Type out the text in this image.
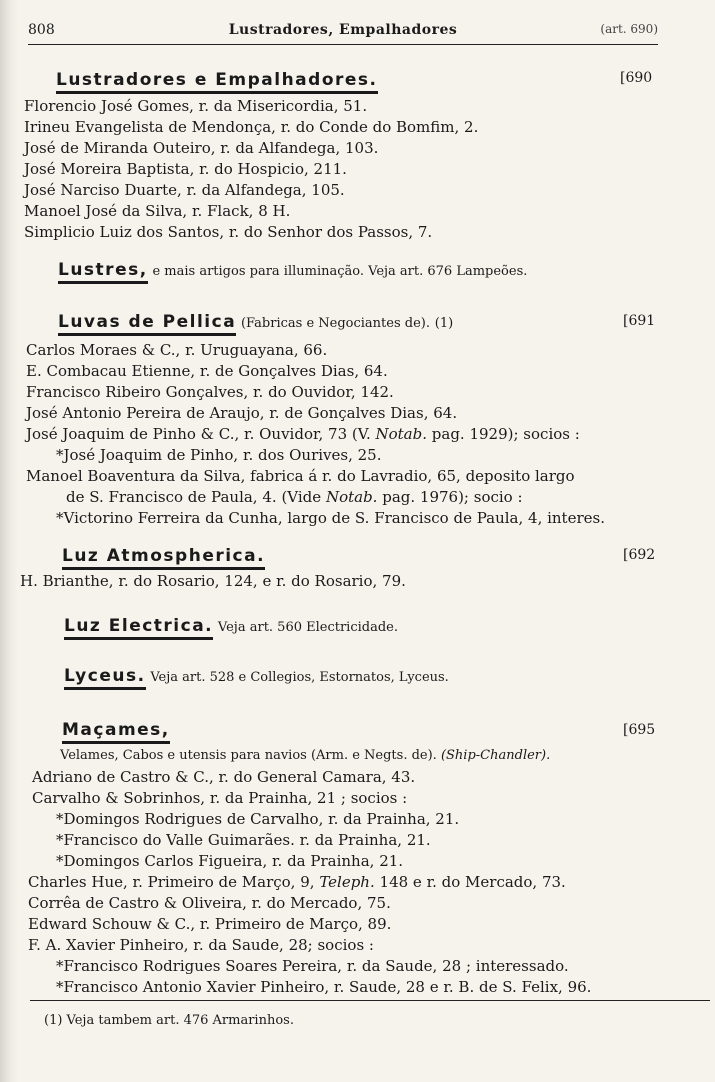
808	Lustradores, Empalhadores	(art. 690)
Lustradores e Empalhadores.	[690
Florencio José Gomes, r. da Misericordia, 51.
Irineu Evangelista de Mendonça, r. do Conde do Bomfim, 2.
José de Miranda Outeiro, r. da Alfandega, 103.
José Moreira Baptista, r. do Hospicio, 211.
José Narciso Duarte, r. da Alfandega, 105.
Manoel José da Silva, r. Flack, 8 H.
Simplicio Luiz dos Santos, r. do Senhor dos Passos, 7.
Lustres, e mais artigos para illuminação. Veja art. 676 Lampeões.
Luvas de Pellica (Fabricas e Negociantes de). (1)	[691
Carlos Moraes & C., r. Uruguayana, 66.
E. Combacau Etienne, r. de Gonçalves Dias, 64.
Francisco Ribeiro Gonçalves, r. do Ouvidor, 142.
José Antonio Pereira de Araujo, r. de Gonçalves Dias, 64.
José Joaquim de Pinho & C., r. Ouvidor, 73 (V. Notab. pag. 1929); socios :
*José Joaquim de Pinho, r. dos Ourives, 25.
Manoel Boaventura da Silva, fabrica á r. do Lavradio, 65, deposito largo
de S. Francisco de Paula, 4. (Vide Notab. pag. 1976); socio :
*Victorino Ferreira da Cunha, largo de S. Francisco de Paula, 4, interes.
Luz Atmospherica.	[692
H. Brianthe, r. do Rosario, 124, e r. do Rosario, 79.
Luz Electrica. Veja art. 560 Electricidade.
Lyceus. Veja art. 528 e Collegios, Estornatos, Lyceus.
Maçames,	[695
Velames, Cabos e utensis para navios (Arm. e Negts. de). (Ship-Chandler).
Adriano de Castro & C., r. do General Camara, 43.
Carvalho & Sobrinhos, r. da Prainha, 21 ; socios :
*Domingos Rodrigues de Carvalho, r. da Prainha, 21.
*Francisco do Valle Guimarães. r. da Prainha, 21.
*Domingos Carlos Figueira, r. da Prainha, 21.
Charles Hue, r. Primeiro de Março, 9, Teleph. 148 e r. do Mercado, 73.
Corrêa de Castro & Oliveira, r. do Mercado, 75.
Edward Schouw & C., r. Primeiro de Março, 89.
F. A. Xavier Pinheiro, r. da Saude, 28; socios :
*Francisco Rodrigues Soares Pereira, r. da Saude, 28 ; interessado.
*Francisco Antonio Xavier Pinheiro, r. Saude, 28 e r. B. de S. Felix, 96.
(1) Veja tambem art. 476 Armarinhos.
